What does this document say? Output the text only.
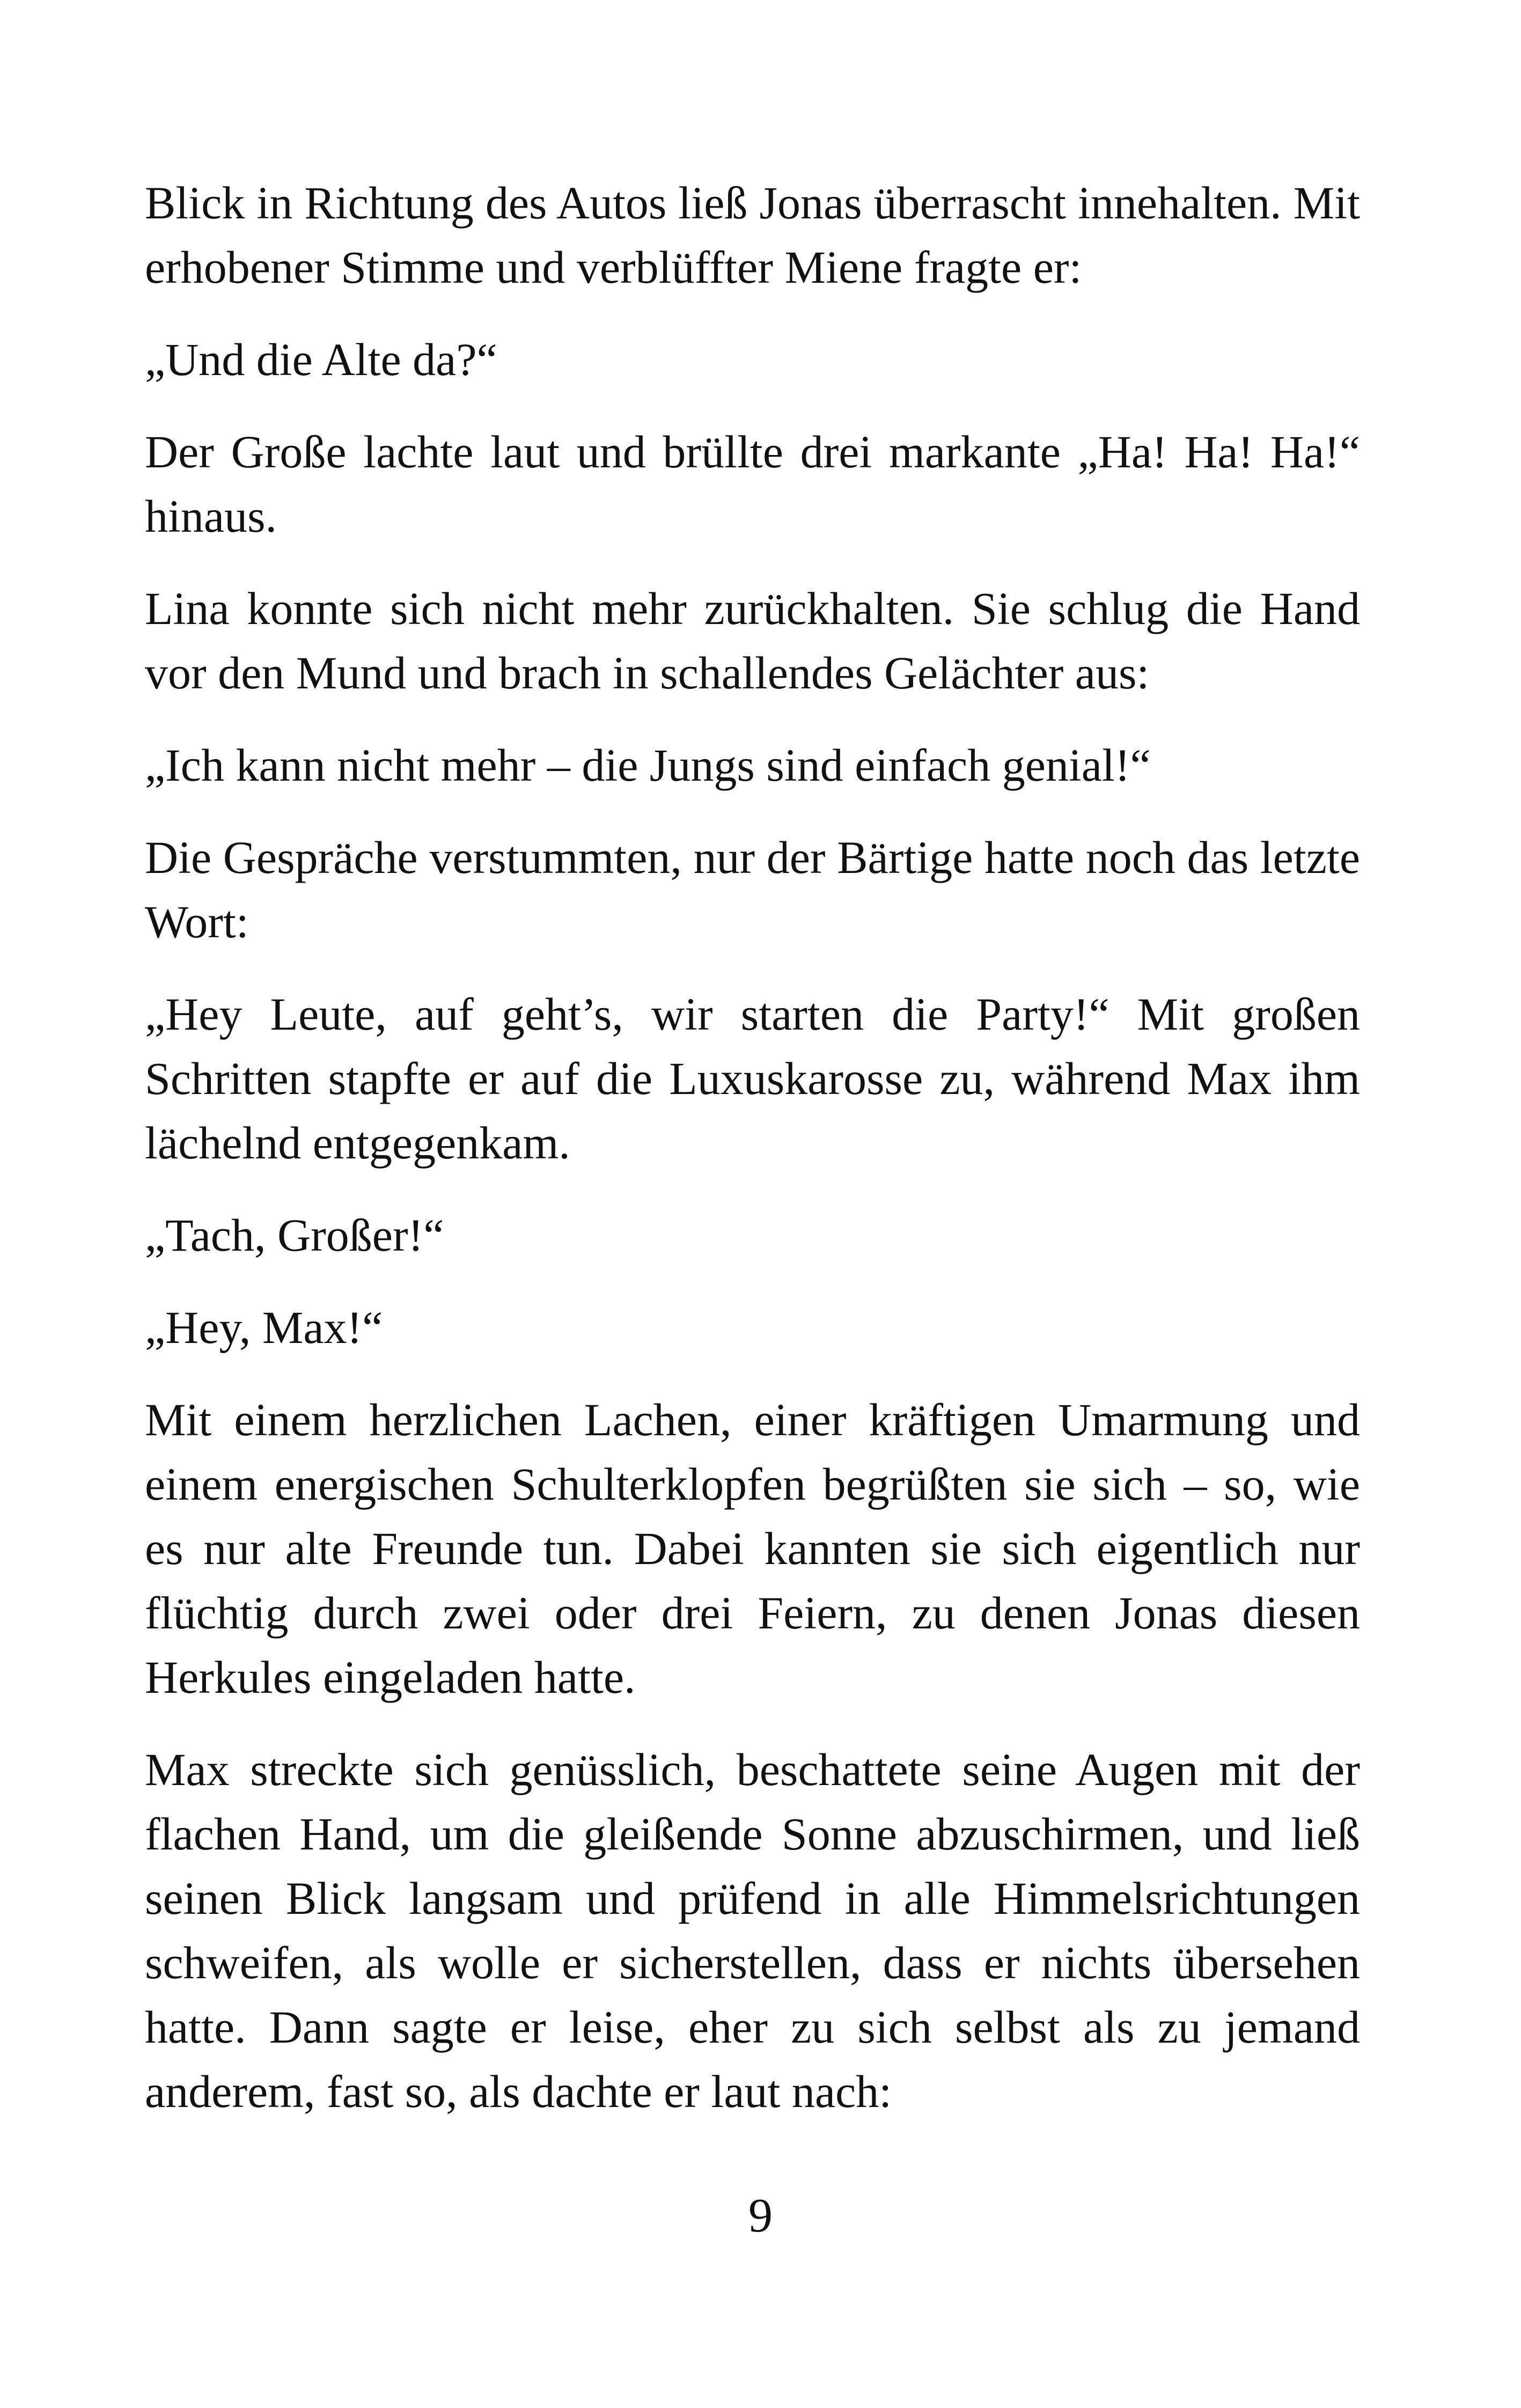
Blick in Richtung des Autos ließ Jonas überrascht innehalten. Mit erhobener Stimme und verblüffter Miene fragte er:

„Und die Alte da?“

Der Große lachte laut und brüllte drei markante „Ha! Ha! Ha!“ hinaus.

Lina konnte sich nicht mehr zurückhalten. Sie schlug die Hand vor den Mund und brach in schallendes Gelächter aus:

„Ich kann nicht mehr – die Jungs sind einfach genial!“

Die Gespräche verstummten, nur der Bärtige hatte noch das letzte Wort:

„Hey Leute, auf geht’s, wir starten die Party!“ Mit großen Schritten stapfte er auf die Luxuskarosse zu, während Max ihm lächelnd entgegenkam.

„Tach, Großer!“

„Hey, Max!“

Mit einem herzlichen Lachen, einer kräftigen Umarmung und einem energischen Schulterklopfen begrüßten sie sich – so, wie es nur alte Freunde tun. Dabei kannten sie sich eigentlich nur flüchtig durch zwei oder drei Feiern, zu denen Jonas diesen Herkules eingeladen hatte.

Max streckte sich genüsslich, beschattete seine Augen mit der flachen Hand, um die gleißende Sonne abzuschirmen, und ließ seinen Blick langsam und prüfend in alle Himmelsrichtungen schweifen, als wolle er sicherstellen, dass er nichts übersehen hatte. Dann sagte er leise, eher zu sich selbst als zu jemand anderem, fast so, als dachte er laut nach:

9
